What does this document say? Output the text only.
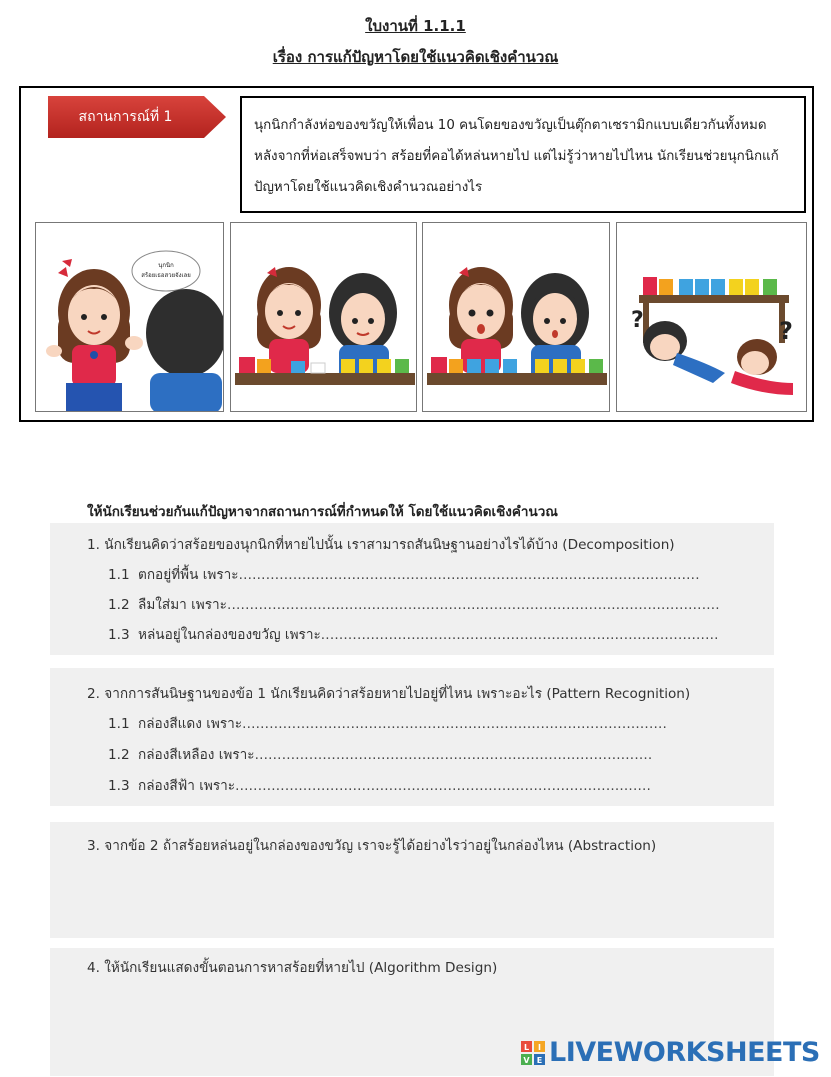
ใบงานที่ 1.1.1
เรื่อง การแก้ปัญหาโดยใช้แนวคิดเชิงคำนวณ
สถานการณ์ที่ 1
นุกนิกกำลังห่อของขวัญให้เพื่อน 10 คนโดยของขวัญเป็นตุ๊กตาเซรามิกแบบเดียวกันทั้งหมด หลังจากที่ห่อเสร็จพบว่า สร้อยที่คอได้หล่นหายไป แต่ไม่รู้ว่าหายไปไหน นักเรียนช่วยนุกนิกแก้ปัญหาโดยใช้แนวคิดเชิงคำนวณอย่างไร
นุกนิก
สร้อยเธอสวยจังเลย
?	?
ให้นักเรียนช่วยกันแก้ปัญหาจากสถานการณ์ที่กำหนดให้ โดยใช้แนวคิดเชิงคำนวณ
1. นักเรียนคิดว่าสร้อยของนุกนิกที่หายไปนั้น เราสามารถสันนิษฐานอย่างไรได้บ้าง (Decomposition)
1.1 ตกอยู่ที่พื้น เพราะ......................................................................................................
1.2 ลืมใส่มา เพราะ.............................................................................................................
1.3 หล่นอยู่ในกล่องของขวัญ เพราะ........................................................................................
2. จากการสันนิษฐานของข้อ 1 นักเรียนคิดว่าสร้อยหายไปอยู่ที่ไหน เพราะอะไร (Pattern Recognition)
1.1 กล่องสีแดง เพราะ..............................................................................................
1.2 กล่องสีเหลือง เพราะ........................................................................................
1.3 กล่องสีฟ้า เพราะ............................................................................................
3. จากข้อ 2 ถ้าสร้อยหล่นอยู่ในกล่องของขวัญ เราจะรู้ได้อย่างไรว่าอยู่ในกล่องไหน (Abstraction)
4. ให้นักเรียนแสดงขั้นตอนการหาสร้อยที่หายไป (Algorithm Design)
L I
V E LIVEWORKSHEETS
